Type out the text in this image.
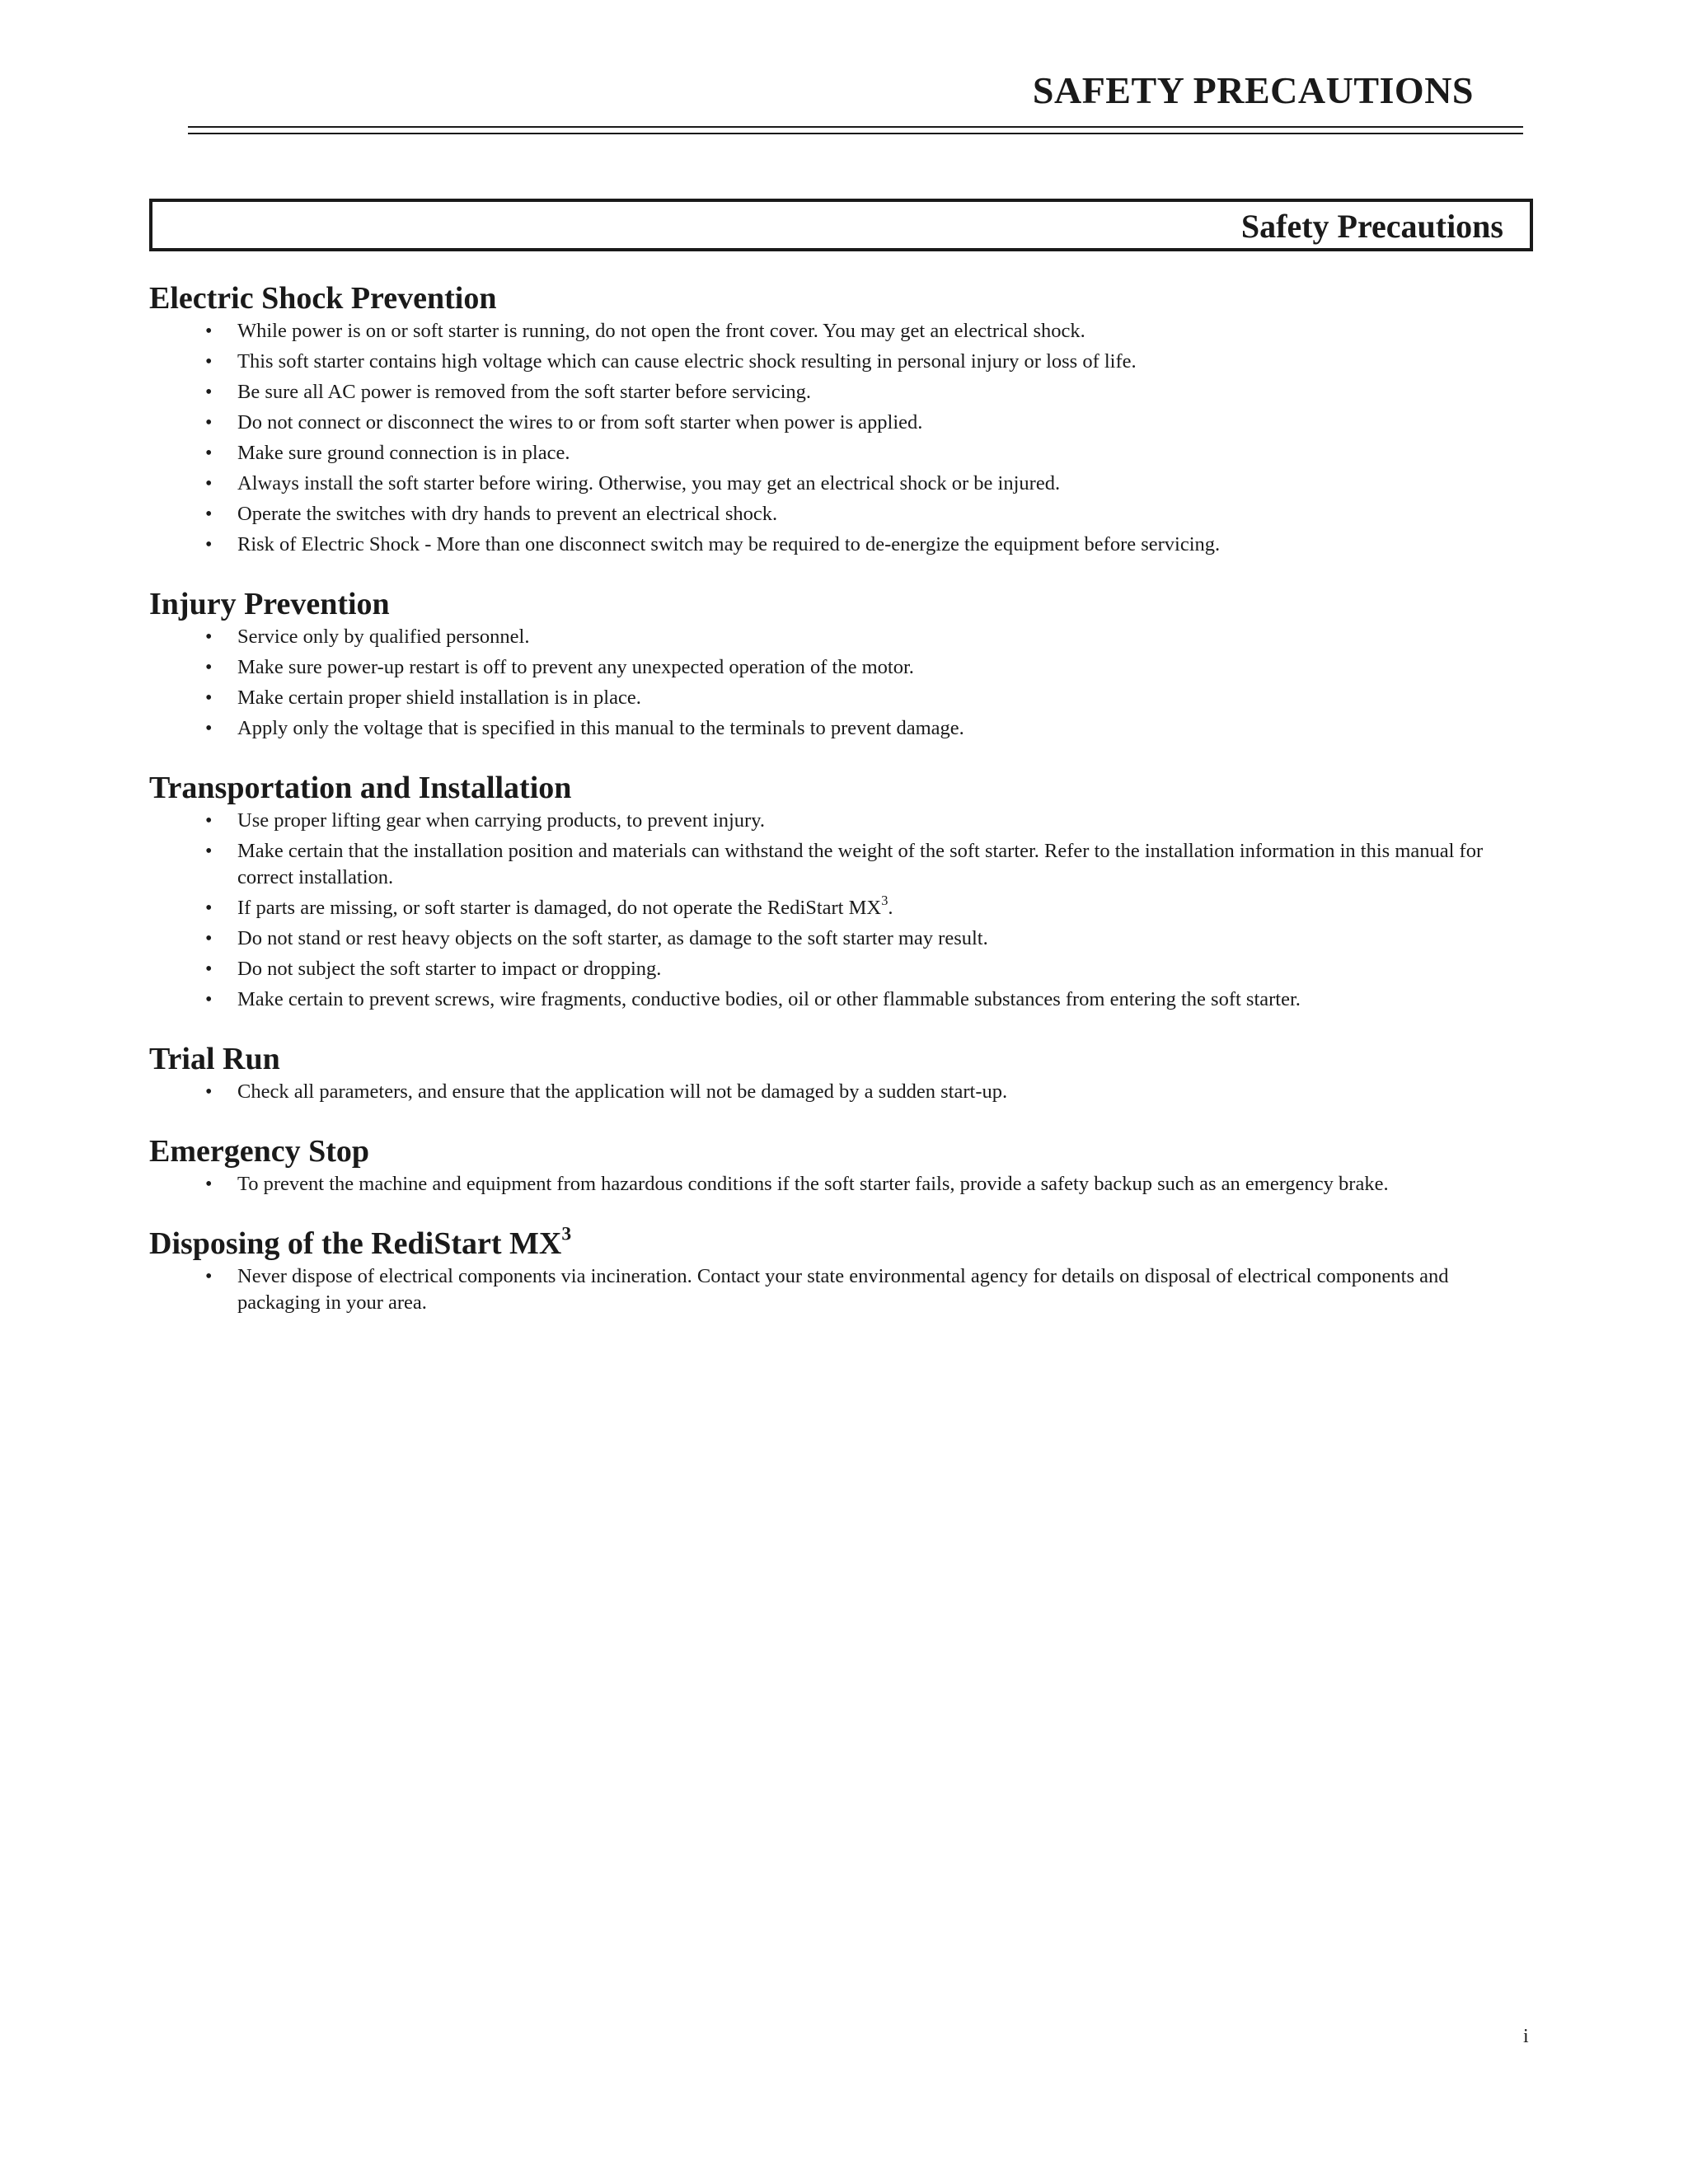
SAFETY PRECAUTIONS
Safety Precautions
Electric Shock Prevention
• While power is on or soft starter is running, do not open the front cover. You may get an electrical shock.
• This soft starter contains high voltage which can cause electric shock resulting in personal injury or loss of life.
• Be sure all AC power is removed from the soft starter before servicing.
• Do not connect or disconnect the wires to or from soft starter when power is applied.
• Make sure ground connection is in place.
• Always install the soft starter before wiring. Otherwise, you may get an electrical shock or be injured.
• Operate the switches with dry hands to prevent an electrical shock.
• Risk of Electric Shock - More than one disconnect switch may be required to de-energize the equipment before servicing.
Injury Prevention
• Service only by qualified personnel.
• Make sure power-up restart is off to prevent any unexpected operation of the motor.
• Make certain proper shield installation is in place.
• Apply only the voltage that is specified in this manual to the terminals to prevent damage.
Transportation and Installation
• Use proper lifting gear when carrying products, to prevent injury.
• Make certain that the installation position and materials can withstand the weight of the soft starter. Refer to the installation information in this manual for correct installation.
• If parts are missing, or soft starter is damaged, do not operate the RediStart $MX^3$.
• Do not stand or rest heavy objects on the soft starter, as damage to the soft starter may result.
• Do not subject the soft starter to impact or dropping.
• Make certain to prevent screws, wire fragments, conductive bodies, oil or other flammable substances from entering the soft starter.
Trial Run
• Check all parameters, and ensure that the application will not be damaged by a sudden start-up.
Emergency Stop
• To prevent the machine and equipment from hazardous conditions if the soft starter fails, provide a safety backup such as an emergency brake.
Disposing of the RediStart $MX^3$
• Never dispose of electrical components via incineration. Contact your state environmental agency for details on disposal of electrical components and packaging in your area.
i
